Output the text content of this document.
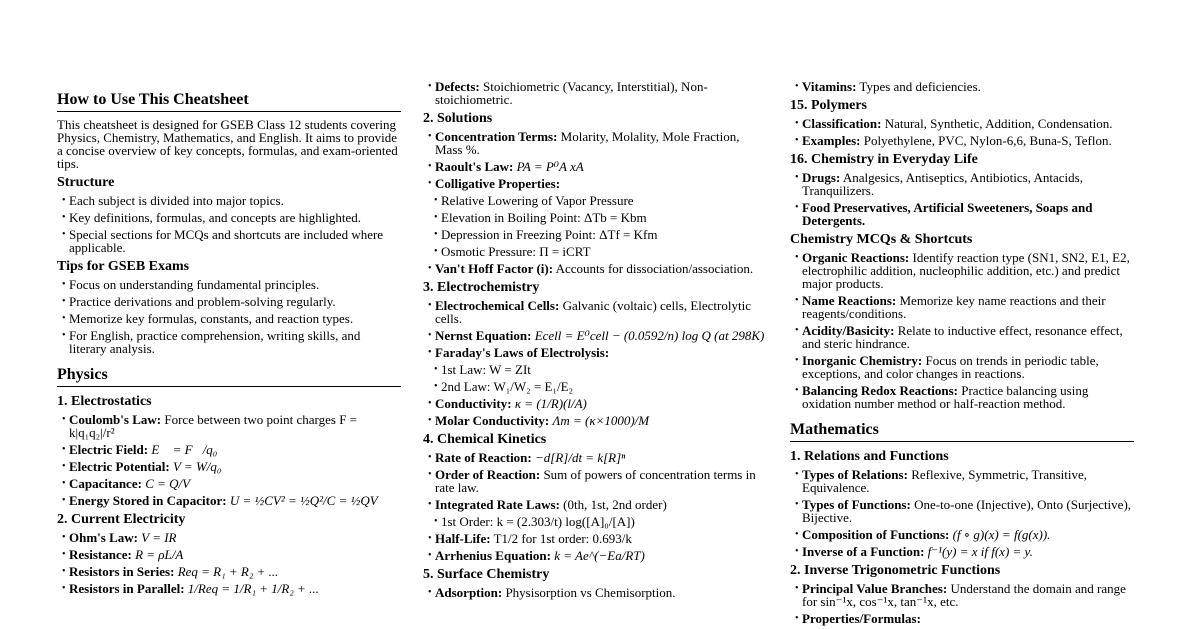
How to Use This Cheatsheet
This cheatsheet is designed for GSEB Class 12 students covering Physics, Chemistry, Mathematics, and English. It aims to provide a concise overview of key concepts, formulas, and exam-oriented tips.
Structure
• Each subject is divided into major topics.
• Key definitions, formulas, and concepts are highlighted.
• Special sections for MCQs and shortcuts are included where applicable.
Tips for GSEB Exams
• Focus on understanding fundamental principles.
• Practice derivations and problem-solving regularly.
• Memorize key formulas, constants, and reaction types.
• For English, practice comprehension, writing skills, and literary analysis.
Physics
1. Electrostatics
• Coulomb's Law: Force between two point charges F = k|q₁q₂|/r²
• Electric Field: E⃗ = F⃗/q₀
• Electric Potential: V = W/q₀
• Capacitance: C = Q/V
• Energy Stored in Capacitor: U = ½CV² = ½Q²/C = ½QV
2. Current Electricity
• Ohm's Law: V = IR
• Resistance: R = ρL/A
• Resistors in Series: Req = R₁ + R₂ + ...
• Resistors in Parallel: 1/Req = 1/R₁ + 1/R₂ + ...
• Defects: Stoichiometric (Vacancy, Interstitial), Non-stoichiometric.
2. Solutions
• Concentration Terms: Molarity, Molality, Mole Fraction, Mass %.
• Raoult's Law: PA = P⁰A xA
• Colligative Properties:
• Relative Lowering of Vapor Pressure
• Elevation in Boiling Point: ΔTb = Kbm
• Depression in Freezing Point: ΔTf = Kfm
• Osmotic Pressure: Π = iCRT
• Van't Hoff Factor (i): Accounts for dissociation/association.
3. Electrochemistry
• Electrochemical Cells: Galvanic (voltaic) cells, Electrolytic cells.
• Nernst Equation: Ecell = E⁰cell − (0.0592/n) log Q (at 298K)
• Faraday's Laws of Electrolysis:
• 1st Law: W = ZIt
• 2nd Law: W₁/W₂ = E₁/E₂
• Conductivity: κ = (1/R)(l/A)
• Molar Conductivity: Λm = (κ×1000)/M
4. Chemical Kinetics
• Rate of Reaction: −d[R]/dt = k[R]ⁿ
• Order of Reaction: Sum of powers of concentration terms in rate law.
• Integrated Rate Laws: (0th, 1st, 2nd order)
• 1st Order: k = (2.303/t) log([A]₀/[A])
• Half-Life: T1/2 for 1st order: 0.693/k
• Arrhenius Equation: k = Ae^(−Ea/RT)
5. Surface Chemistry
• Adsorption: Physisorption vs Chemisorption.
• Vitamins: Types and deficiencies.
15. Polymers
• Classification: Natural, Synthetic, Addition, Condensation.
• Examples: Polyethylene, PVC, Nylon-6,6, Buna-S, Teflon.
16. Chemistry in Everyday Life
• Drugs: Analgesics, Antiseptics, Antibiotics, Antacids, Tranquilizers.
• Food Preservatives, Artificial Sweeteners, Soaps and Detergents.
Chemistry MCQs & Shortcuts
• Organic Reactions: Identify reaction type (SN1, SN2, E1, E2, electrophilic addition, nucleophilic addition, etc.) and predict major products.
• Name Reactions: Memorize key name reactions and their reagents/conditions.
• Acidity/Basicity: Relate to inductive effect, resonance effect, and steric hindrance.
• Inorganic Chemistry: Focus on trends in periodic table, exceptions, and color changes in reactions.
• Balancing Redox Reactions: Practice balancing using oxidation number method or half-reaction method.
Mathematics
1. Relations and Functions
• Types of Relations: Reflexive, Symmetric, Transitive, Equivalence.
• Types of Functions: One-to-one (Injective), Onto (Surjective), Bijective.
• Composition of Functions: (f ∘ g)(x) = f(g(x)).
• Inverse of a Function: f⁻¹(y) = x if f(x) = y.
2. Inverse Trigonometric Functions
• Principal Value Branches: Understand the domain and range for sin⁻¹x, cos⁻¹x, tan⁻¹x, etc.
• Properties/Formulas:
